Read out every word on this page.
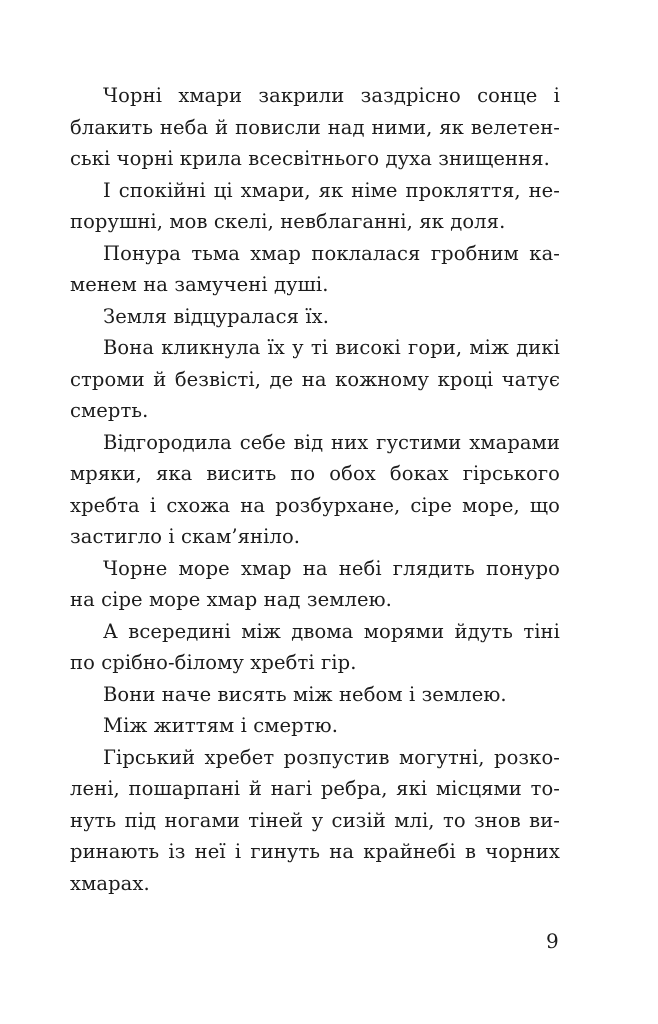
Чорні хмари закрили заздрісно сонце і
блакить неба й повисли над ними, як велетен-
ські чорні крила всесвітнього духа знищення.
І спокійні ці хмари, як німе прокляття, не-
порушні, мов скелі, невблаганні, як доля.
Понура тьма хмар поклалася гробним ка-
менем на замучені душі.
Земля відцуралася їх.
Вона кликнула їх у ті високі гори, між дикі
строми й безвісті, де на кожному кроці чатує
смерть.
Відгородила себе від них густими хмарами
мряки, яка висить по обох боках гірського
хребта і схожа на розбурхане, сіре море, що
застигло і скам’яніло.
Чорне море хмар на небі глядить понуро
на сіре море хмар над землею.
А всередині між двома морями йдуть тіні
по срібно-білому хребті гір.
Вони наче висять між небом і землею.
Між життям і смертю.
Гірський хребет розпустив могутні, розко-
лені, пошарпані й нагі ребра, які місцями то-
нуть під ногами тіней у сизій млі, то знов ви-
ринають із неї і гинуть на крайнебі в чорних
хмарах.
9
